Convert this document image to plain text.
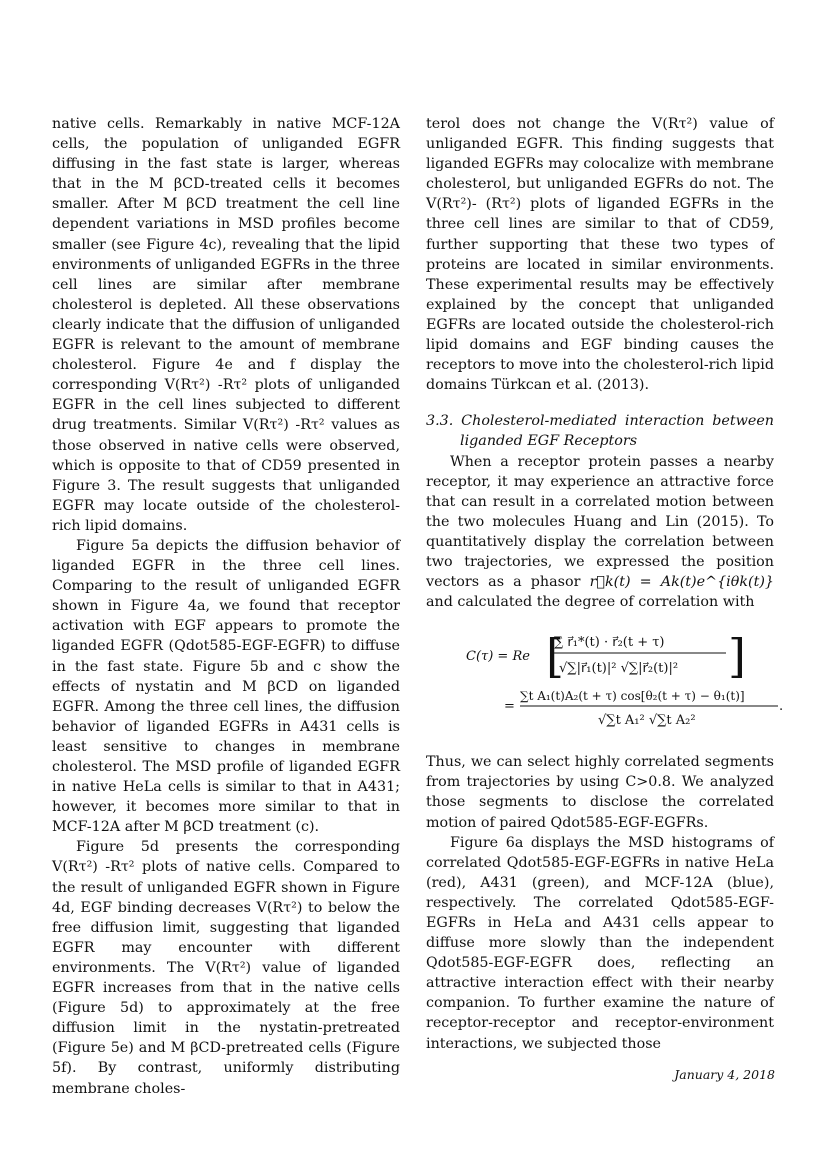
native cells. Remarkably in native MCF-12A cells, the population of unliganded EGFR diffusing in the fast state is larger, whereas that in the M βCD-treated cells it becomes smaller. After M βCD treatment the cell line dependent variations in MSD profiles become smaller (see Figure 4c), revealing that the lipid environments of unliganded EGFRs in the three cell lines are similar after membrane cholesterol is depleted. All these observations clearly indicate that the diffusion of unliganded EGFR is relevant to the amount of membrane cholesterol. Figure 4e and f display the corresponding V(Rτ²) -Rτ² plots of unliganded EGFR in the cell lines subjected to different drug treatments. Similar V(Rτ²) -Rτ² values as those observed in native cells were observed, which is opposite to that of CD59 presented in Figure 3. The result suggests that unliganded EGFR may locate outside of the cholesterol-rich lipid domains.

Figure 5a depicts the diffusion behavior of liganded EGFR in the three cell lines. Comparing to the result of unliganded EGFR shown in Figure 4a, we found that receptor activation with EGF appears to promote the liganded EGFR (Qdot585-EGF-EGFR) to diffuse in the fast state. Figure 5b and c show the effects of nystatin and M βCD on liganded EGFR. Among the three cell lines, the diffusion behavior of liganded EGFRs in A431 cells is least sensitive to changes in membrane cholesterol. The MSD profile of liganded EGFR in native HeLa cells is similar to that in A431; however, it becomes more similar to that in MCF-12A after M βCD treatment (c).

Figure 5d presents the corresponding V(Rτ²) -Rτ² plots of native cells. Compared to the result of unliganded EGFR shown in Figure 4d, EGF binding decreases V(Rτ²) to below the free diffusion limit, suggesting that liganded EGFR may encounter with different environments. The V(Rτ²) value of liganded EGFR increases from that in the native cells (Figure 5d) to approximately at the free diffusion limit in the nystatin-pretreated (Figure 5e) and M βCD-pretreated cells (Figure 5f). By contrast, uniformly distributing membrane choles-

terol does not change the V(Rτ²) value of unliganded EGFR. This finding suggests that liganded EGFRs may colocalize with membrane cholesterol, but unliganded EGFRs do not. The V(Rτ²)- (Rτ²) plots of liganded EGFRs in the three cell lines are similar to that of CD59, further supporting that these two types of proteins are located in similar environments. These experimental results may be effectively explained by the concept that unliganded EGFRs are located outside the cholesterol-rich lipid domains and EGF binding causes the receptors to move into the cholesterol-rich lipid domains Türkcan et al. (2013).

3.3. Cholesterol-mediated interaction between liganded EGF Receptors

When a receptor protein passes a nearby receptor, it may experience an attractive force that can result in a correlated motion between the two molecules Huang and Lin (2015). To quantitatively display the correlation between two trajectories, we expressed the position vectors as a phasor r⃗k(t) = Ak(t)e^{iθk(t)} and calculated the degree of correlation with

C(τ) = Re [
∑ r⃗₁*(t) · r⃗₂(t + τ)
√∑|r⃗₁(t)|² √∑|r⃗₂(t)|² ]
=
∑t A₁(t)A₂(t + τ) cos[θ₂(t + τ) − θ₁(t)]
√∑t A₁² √∑t A₂²
.

Thus, we can select highly correlated segments from trajectories by using C>0.8. We analyzed those segments to disclose the correlated motion of paired Qdot585-EGF-EGFRs.

Figure 6a displays the MSD histograms of correlated Qdot585-EGF-EGFRs in native HeLa (red), A431 (green), and MCF-12A (blue), respectively. The correlated Qdot585-EGF-EGFRs in HeLa and A431 cells appear to diffuse more slowly than the independent Qdot585-EGF-EGFR does, reflecting an attractive interaction effect with their nearby companion. To further examine the nature of receptor-receptor and receptor-environment interactions, we subjected those

January 4, 2018
